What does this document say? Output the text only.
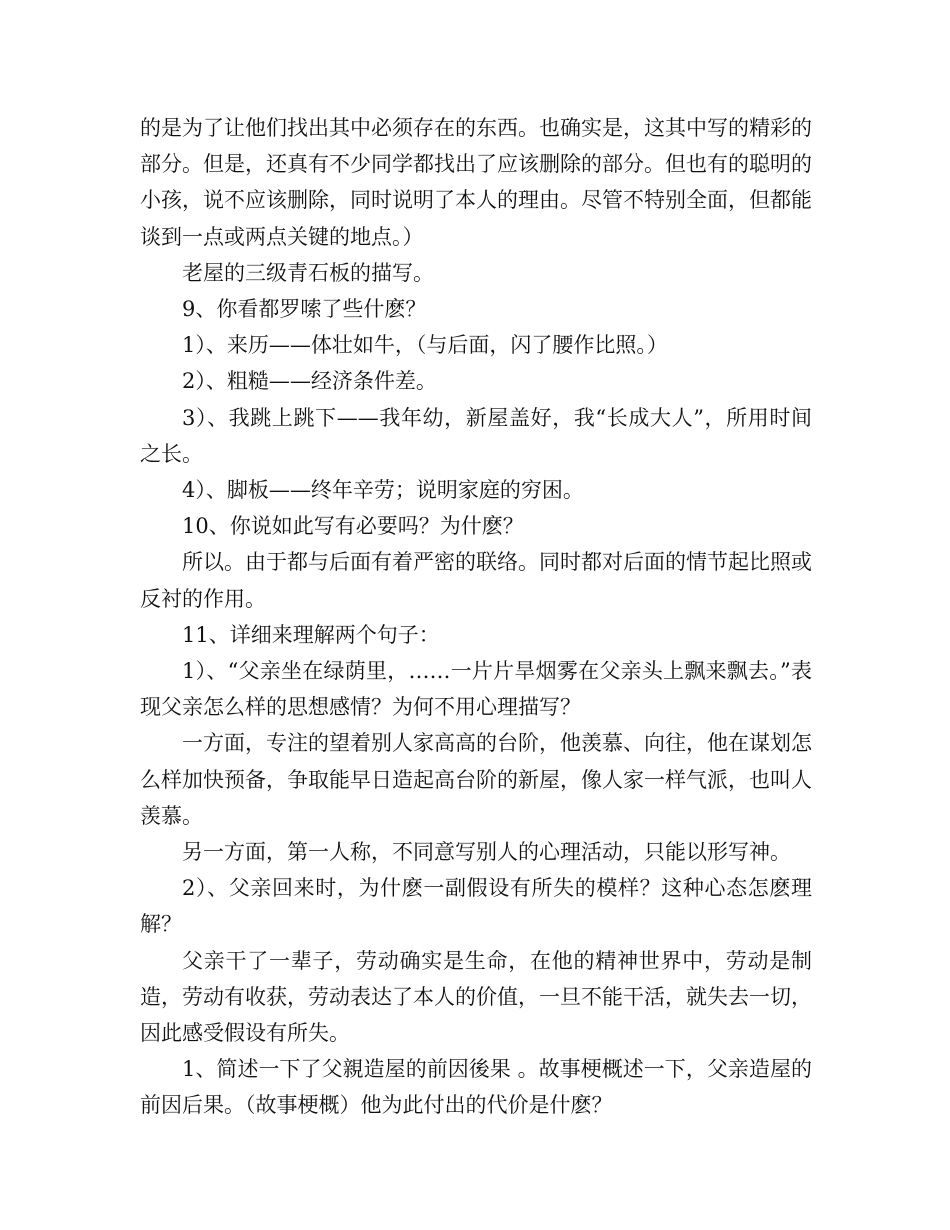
的是为了让他们找出其中必须存在的东西。也确实是，这其中写的精彩的部分。但是，还真有不少同学都找出了应该删除的部分。但也有的聪明的小孩，说不应该删除，同时说明了本人的理由。尽管不特别全面，但都能谈到一点或两点关键的地点。）

老屋的三级青石板的描写。

9、你看都罗嗦了些什麽？

1）、来历——体壮如牛，（与后面，闪了腰作比照。）

2）、粗糙——经济条件差。

3）、我跳上跳下——我年幼，新屋盖好，我“长成大人”，所用时间之长。

4）、脚板——终年辛劳；说明家庭的穷困。

10、你说如此写有必要吗？为什麽？

所以。由于都与后面有着严密的联络。同时都对后面的情节起比照或反衬的作用。

11、详细来理解两个句子：

1）、“父亲坐在绿荫里，……一片片旱烟雾在父亲头上飘来飘去。”表现父亲怎么样的思想感情？为何不用心理描写？

一方面，专注的望着别人家高高的台阶，他羡慕、向往，他在谋划怎么样加快预备，争取能早日造起高台阶的新屋，像人家一样气派，也叫人羡慕。

另一方面，第一人称，不同意写别人的心理活动，只能以形写神。

2）、父亲回来时，为什麽一副假设有所失的模样？这种心态怎麽理解？

父亲干了一辈子，劳动确实是生命，在他的精神世界中，劳动是制造，劳动有收获，劳动表达了本人的价值，一旦不能干活，就失去一切，因此感受假设有所失。

1、简述一下了父親造屋的前因後果 。故事梗概述一下，父亲造屋的前因后果。（故事梗概）他为此付出的代价是什麽？
